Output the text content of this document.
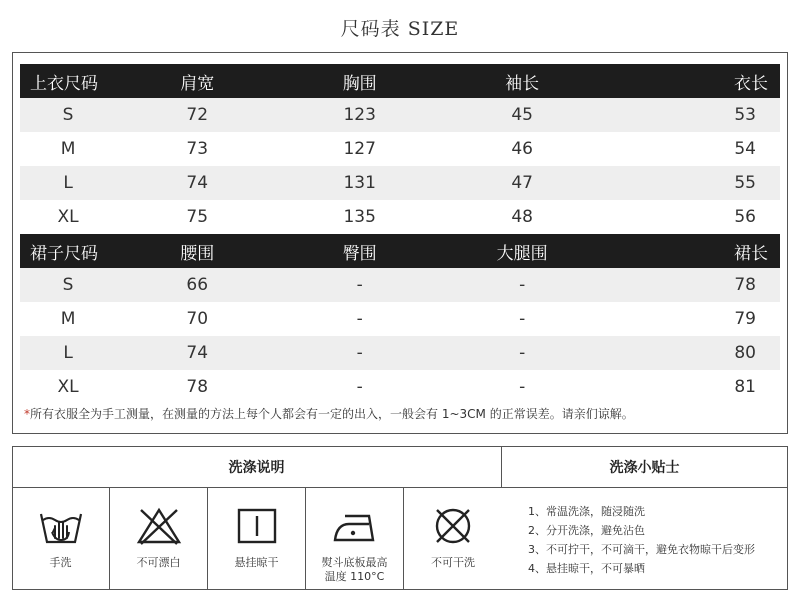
尺码表 SIZE
上衣尺码	肩宽	胸围	袖长	衣长
S	72	123	45	53
M	73	127	46	54
L	74	131	47	55
XL	75	135	48	56
裙子尺码	腰围	臀围	大腿围	裙长
S	66	-	-	78
M	70	-	-	79
L	74	-	-	80
XL	78	-	-	81
*所有衣服全为手工测量，在测量的方法上每个人都会有一定的出入，一般会有 1~3CM 的正常误差。请亲们谅解。
洗涤说明	洗涤小贴士
手洗	不可漂白	悬挂晾干	熨斗底板最高
温度 110°C
不可干洗
1、常温洗涤，随浸随洗
2、分开洗涤，避免沾色
3、不可拧干，不可滴干，避免衣物晾干后变形
4、悬挂晾干，不可暴晒
